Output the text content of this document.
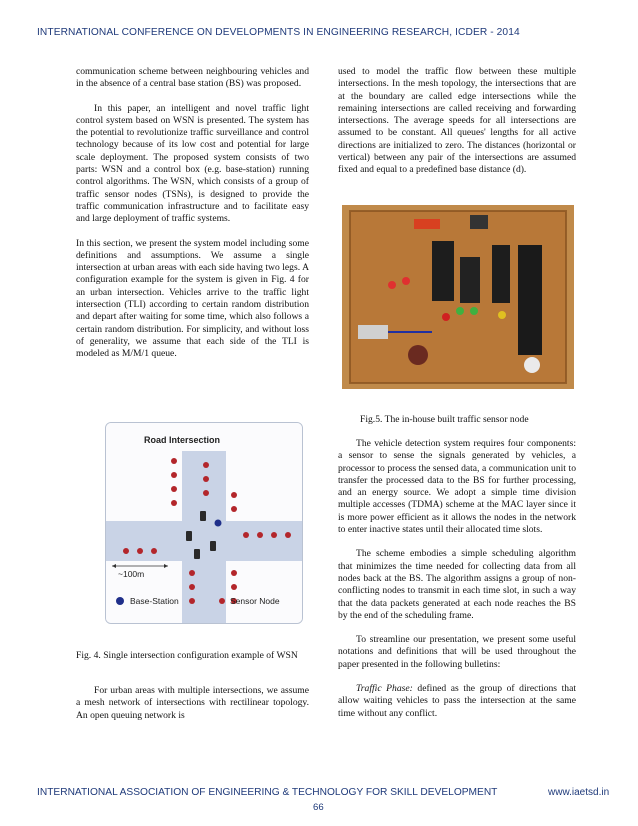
INTERNATIONAL CONFERENCE ON DEVELOPMENTS IN ENGINEERING RESEARCH, ICDER - 2014

communication scheme between neighbouring vehicles and in the absence of a central base station (BS) was proposed.

In this paper, an intelligent and novel traffic light control system based on WSN is presented. The system has the potential to revolutionize traffic surveillance and control technology because of its low cost and potential for large scale deployment. The proposed system consists of two parts: WSN and a control box (e.g. base-station) running control algorithms. The WSN, which consists of a group of traffic sensor nodes (TSNs), is designed to provide the traffic communication infrastructure and to facilitate easy and large deployment of traffic systems.

In this section, we present the system model including some definitions and assumptions. We assume a single intersection at urban areas with each side having two legs. A configuration example for the system is given in Fig. 4 for an urban intersection. Vehicles arrive to the traffic light intersection (TLI) according to certain random distribution and depart after waiting for some time, which also follows a certain random distribution. For simplicity, and without loss of generality, we assume that each side of the TLI is modeled as M/M/1 queue.

Road Intersection
~100m
Base-Station	Sensor Node
Fig. 4. Single intersection configuration example of WSN

For urban areas with multiple intersections, we assume a mesh network of intersections with rectilinear topology. An open queuing network is

used to model the traffic flow between these multiple intersections. In the mesh topology, the intersections that are at the boundary are called edge intersections while the remaining intersections are called receiving and forwarding intersections. The average speeds for all intersections are assumed to be constant. All queues' lengths for all active directions are initialized to zero. The distances (horizontal or vertical) between any pair of the intersections are assumed fixed and equal to a predefined base distance (d).

Fig.5. The in-house built traffic sensor node

The vehicle detection system requires four components: a sensor to sense the signals generated by vehicles, a processor to process the sensed data, a communication unit to transfer the processed data to the BS for further processing, and an energy source. We adopt a simple time division multiple accesses (TDMA) scheme at the MAC layer since it is more power efficient as it allows the nodes in the network to enter inactive states until their allocated time slots.

The scheme embodies a simple scheduling algorithm that minimizes the time needed for collecting data from all nodes back at the BS. The algorithm assigns a group of non-conflicting nodes to transmit in each time slot, in such a way that the data packets generated at each node reaches the BS by the end of the scheduling frame.

To streamline our presentation, we present some useful notations and definitions that will be used throughout the paper presented in the following bulletins:

Traffic Phase: defined as the group of directions that allow waiting vehicles to pass the intersection at the same time without any conflict.

INTERNATIONAL ASSOCIATION OF ENGINEERING & TECHNOLOGY FOR SKILL DEVELOPMENT	www.iaetsd.in
66
